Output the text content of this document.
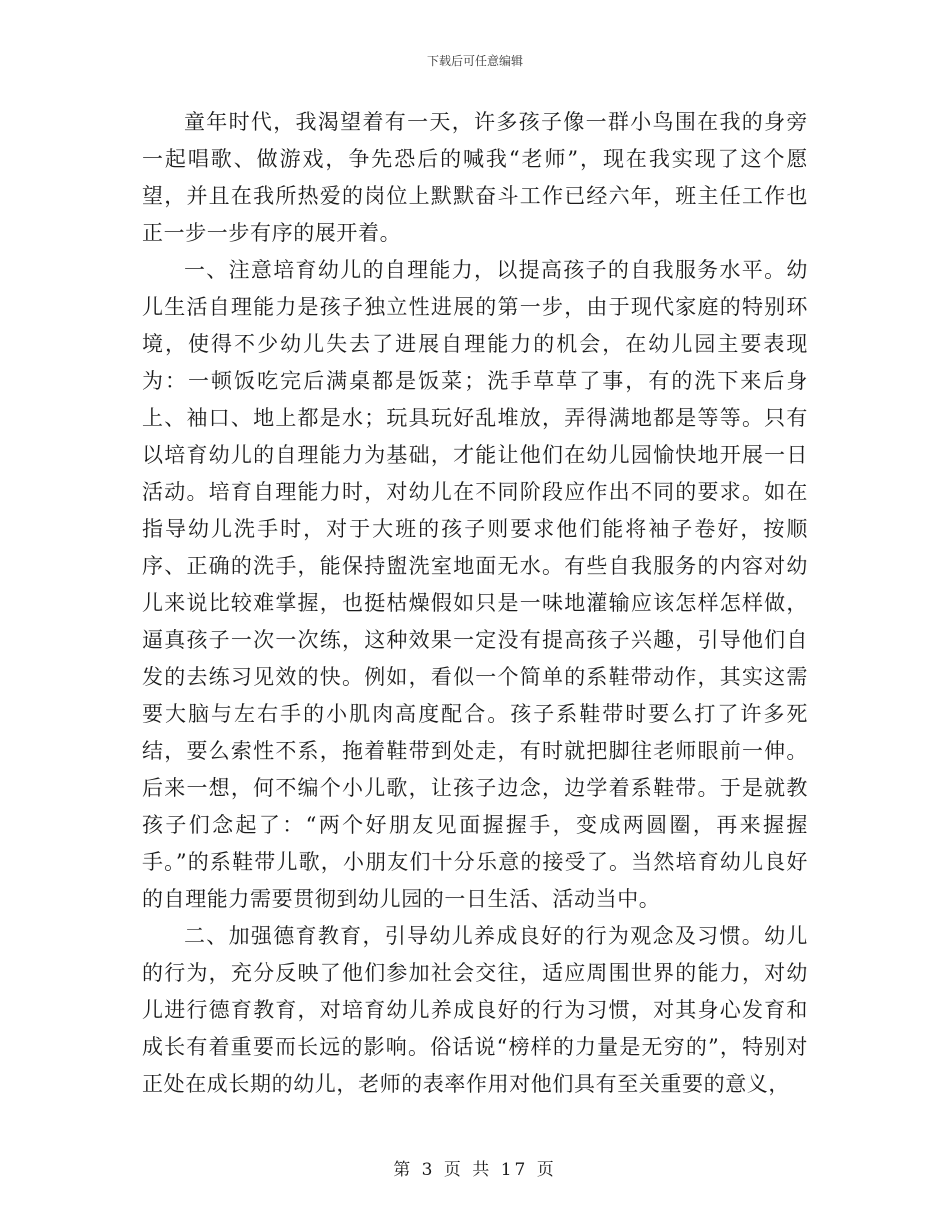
下载后可任意编辑

童年时代，我渴望着有一天，许多孩子像一群小鸟围在我的身旁一起唱歌、做游戏，争先恐后的喊我“老师”，现在我实现了这个愿望，并且在我所热爱的岗位上默默奋斗工作已经六年，班主任工作也正一步一步有序的展开着。

一、注意培育幼儿的自理能力，以提高孩子的自我服务水平。幼儿生活自理能力是孩子独立性进展的第一步，由于现代家庭的特别环境，使得不少幼儿失去了进展自理能力的机会，在幼儿园主要表现为：一顿饭吃完后满桌都是饭菜；洗手草草了事，有的洗下来后身上、袖口、地上都是水；玩具玩好乱堆放，弄得满地都是等等。只有以培育幼儿的自理能力为基础，才能让他们在幼儿园愉快地开展一日活动。培育自理能力时，对幼儿在不同阶段应作出不同的要求。如在指导幼儿洗手时，对于大班的孩子则要求他们能将袖子卷好，按顺序、正确的洗手，能保持盥洗室地面无水。有些自我服务的内容对幼儿来说比较难掌握，也挺枯燥假如只是一味地灌输应该怎样怎样做，逼真孩子一次一次练，这种效果一定没有提高孩子兴趣，引导他们自发的去练习见效的快。例如，看似一个简单的系鞋带动作，其实这需要大脑与左右手的小肌肉高度配合。孩子系鞋带时要么打了许多死结，要么索性不系，拖着鞋带到处走，有时就把脚往老师眼前一伸。后来一想，何不编个小儿歌，让孩子边念，边学着系鞋带。于是就教孩子们念起了：“两个好朋友见面握握手，变成两圆圈，再来握握手。”的系鞋带儿歌，小朋友们十分乐意的接受了。当然培育幼儿良好的自理能力需要贯彻到幼儿园的一日生活、活动当中。

二、加强德育教育，引导幼儿养成良好的行为观念及习惯。幼儿的行为，充分反映了他们参加社会交往，适应周围世界的能力，对幼儿进行德育教育，对培育幼儿养成良好的行为习惯，对其身心发育和成长有着重要而长远的影响。俗话说“榜样的力量是无穷的”，特别对正处在成长期的幼儿，老师的表率作用对他们具有至关重要的意义，

第 3 页 共 17 页
